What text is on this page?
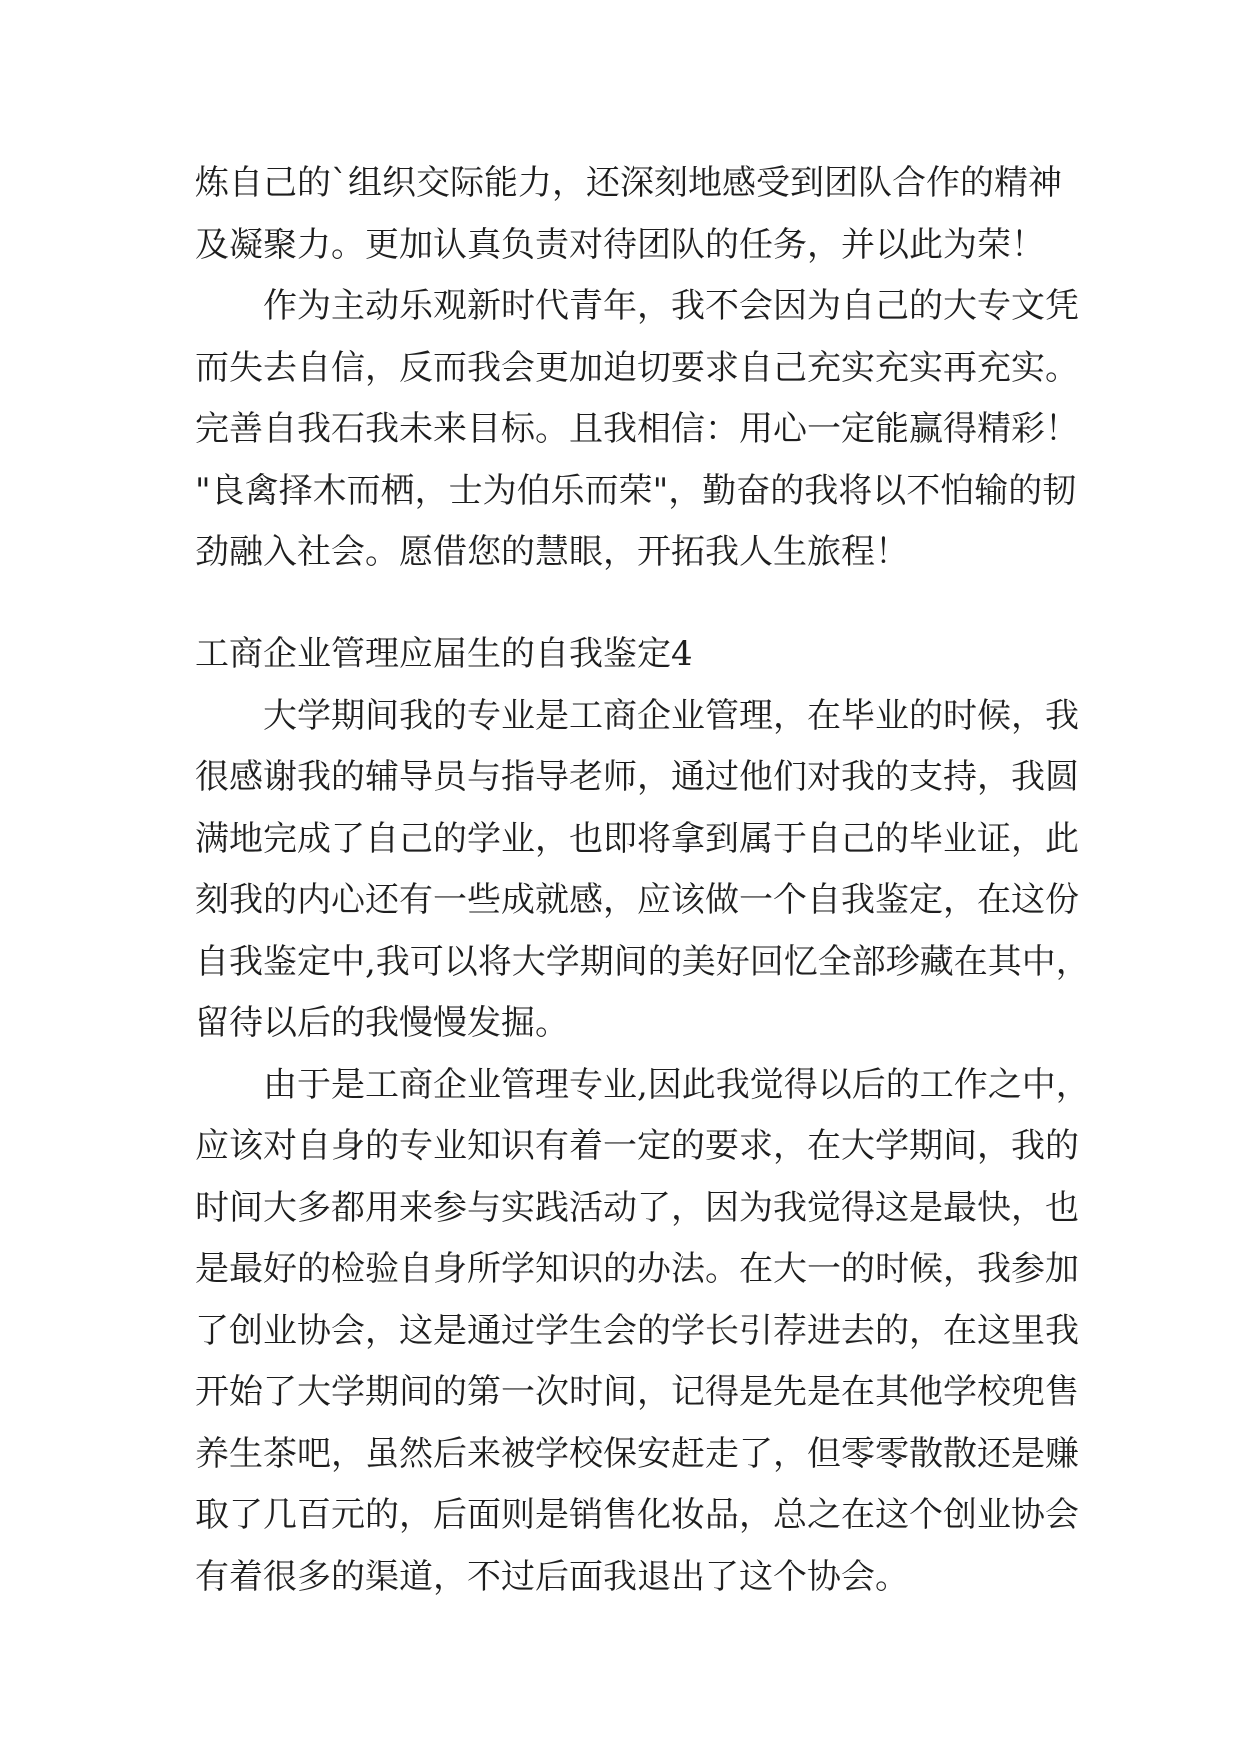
炼自己的`组织交际能力，还深刻地感受到团队合作的精神
及凝聚力。更加认真负责对待团队的任务，并以此为荣！
作为主动乐观新时代青年，我不会因为自己的大专文凭
而失去自信，反而我会更加迫切要求自己充实充实再充实。
完善自我石我未来目标。且我相信：用心一定能赢得精彩！
"良禽择木而栖，士为伯乐而荣"，勤奋的我将以不怕输的韧
劲融入社会。愿借您的慧眼，开拓我人生旅程！
工商企业管理应届生的自我鉴定4
大学期间我的专业是工商企业管理，在毕业的时候，我
很感谢我的辅导员与指导老师，通过他们对我的支持，我圆
满地完成了自己的学业，也即将拿到属于自己的毕业证，此
刻我的内心还有一些成就感，应该做一个自我鉴定，在这份
自我鉴定中,我可以将大学期间的美好回忆全部珍藏在其中，
留待以后的我慢慢发掘。
由于是工商企业管理专业,因此我觉得以后的工作之中，
应该对自身的专业知识有着一定的要求，在大学期间，我的
时间大多都用来参与实践活动了，因为我觉得这是最快，也
是最好的检验自身所学知识的办法。在大一的时候，我参加
了创业协会，这是通过学生会的学长引荐进去的，在这里我
开始了大学期间的第一次时间，记得是先是在其他学校兜售
养生茶吧，虽然后来被学校保安赶走了，但零零散散还是赚
取了几百元的，后面则是销售化妆品，总之在这个创业协会
有着很多的渠道，不过后面我退出了这个协会。
